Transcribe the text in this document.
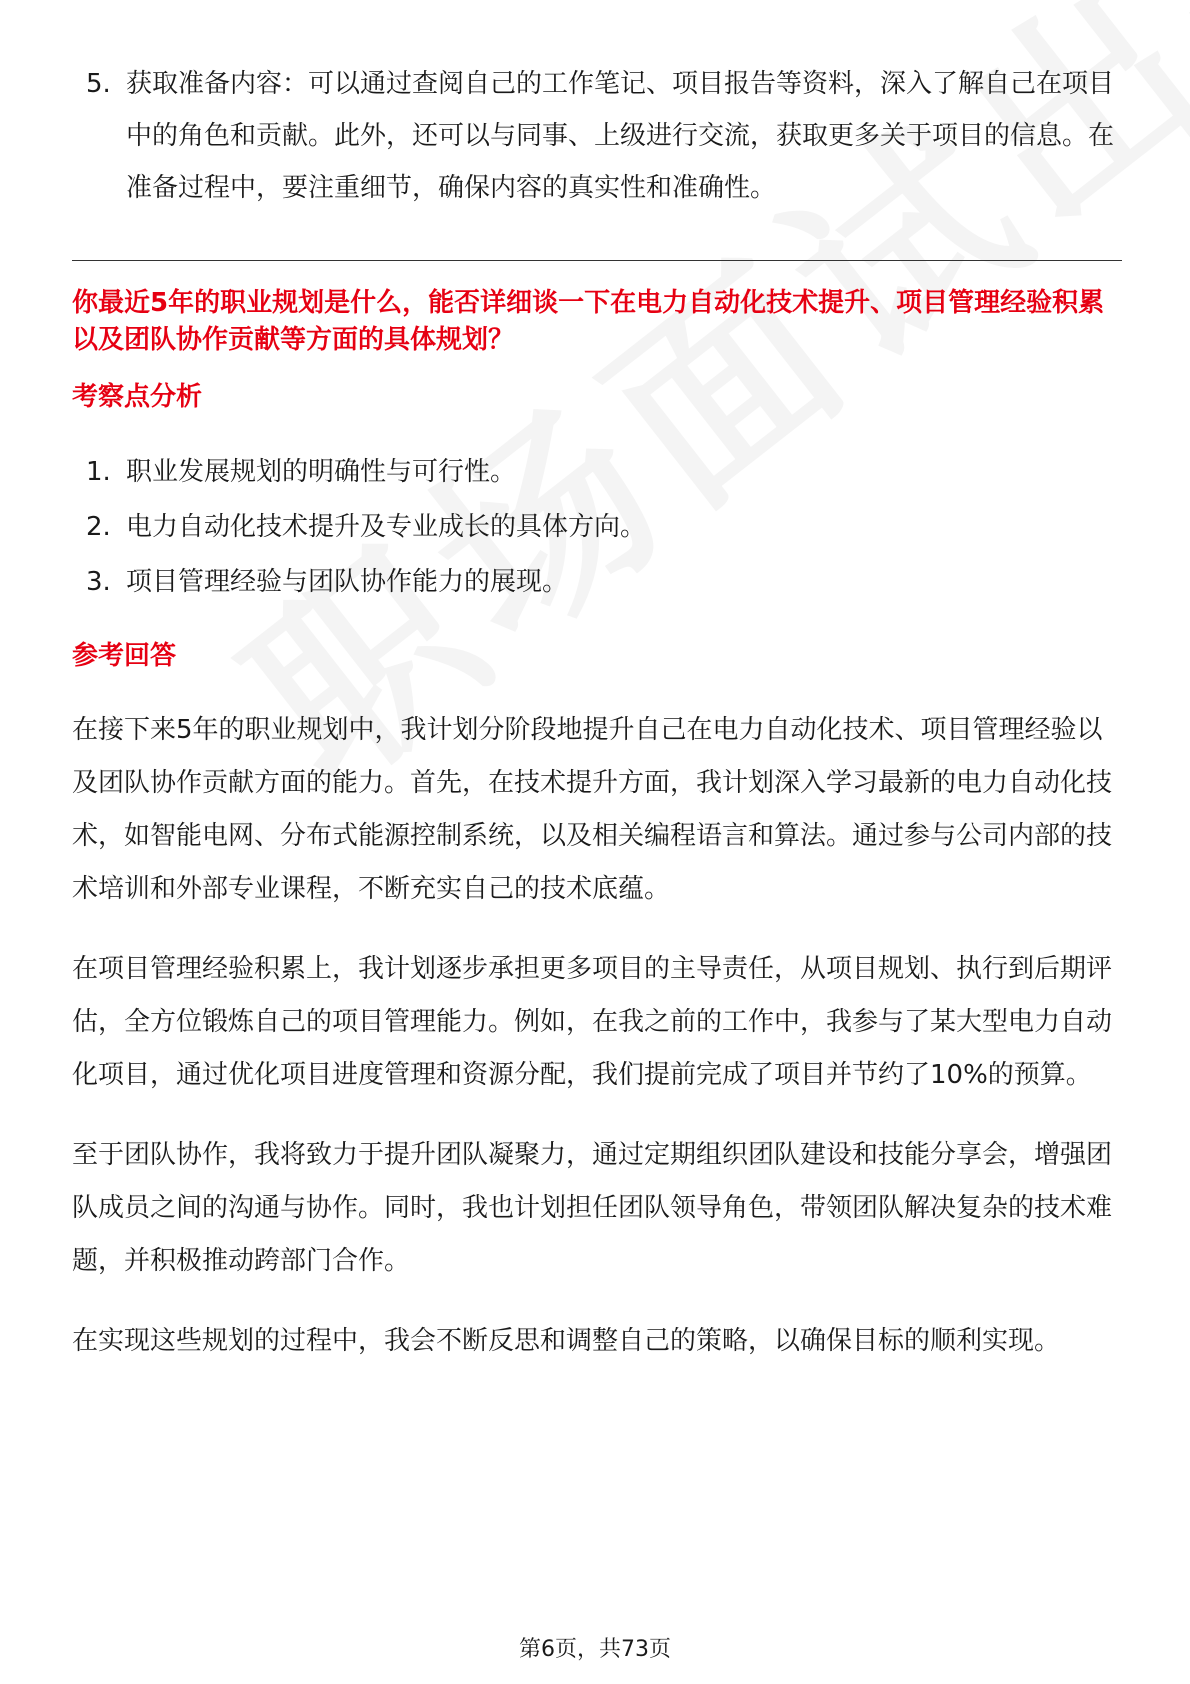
5. 获取准备内容：可以通过查阅自己的工作笔记、项目报告等资料，深入了解自己在项目中的角色和贡献。此外，还可以与同事、上级进行交流，获取更多关于项目的信息。在准备过程中，要注重细节，确保内容的真实性和准确性。
你最近5年的职业规划是什么，能否详细谈一下在电力自动化技术提升、项目管理经验积累以及团队协作贡献等方面的具体规划？
考察点分析
1. 职业发展规划的明确性与可行性。
2. 电力自动化技术提升及专业成长的具体方向。
3. 项目管理经验与团队协作能力的展现。
参考回答

在接下来5年的职业规划中，我计划分阶段地提升自己在电力自动化技术、项目管理经验以及团队协作贡献方面的能力。首先，在技术提升方面，我计划深入学习最新的电力自动化技术，如智能电网、分布式能源控制系统，以及相关编程语言和算法。通过参与公司内部的技术培训和外部专业课程，不断充实自己的技术底蕴。

在项目管理经验积累上，我计划逐步承担更多项目的主导责任，从项目规划、执行到后期评估，全方位锻炼自己的项目管理能力。例如，在我之前的工作中，我参与了某大型电力自动化项目，通过优化项目进度管理和资源分配，我们提前完成了项目并节约了10%的预算。

至于团队协作，我将致力于提升团队凝聚力，通过定期组织团队建设和技能分享会，增强团队成员之间的沟通与协作。同时，我也计划担任团队领导角色，带领团队解决复杂的技术难题，并积极推动跨部门合作。

在实现这些规划的过程中，我会不断反思和调整自己的策略，以确保目标的顺利实现。

第6页，共73页
